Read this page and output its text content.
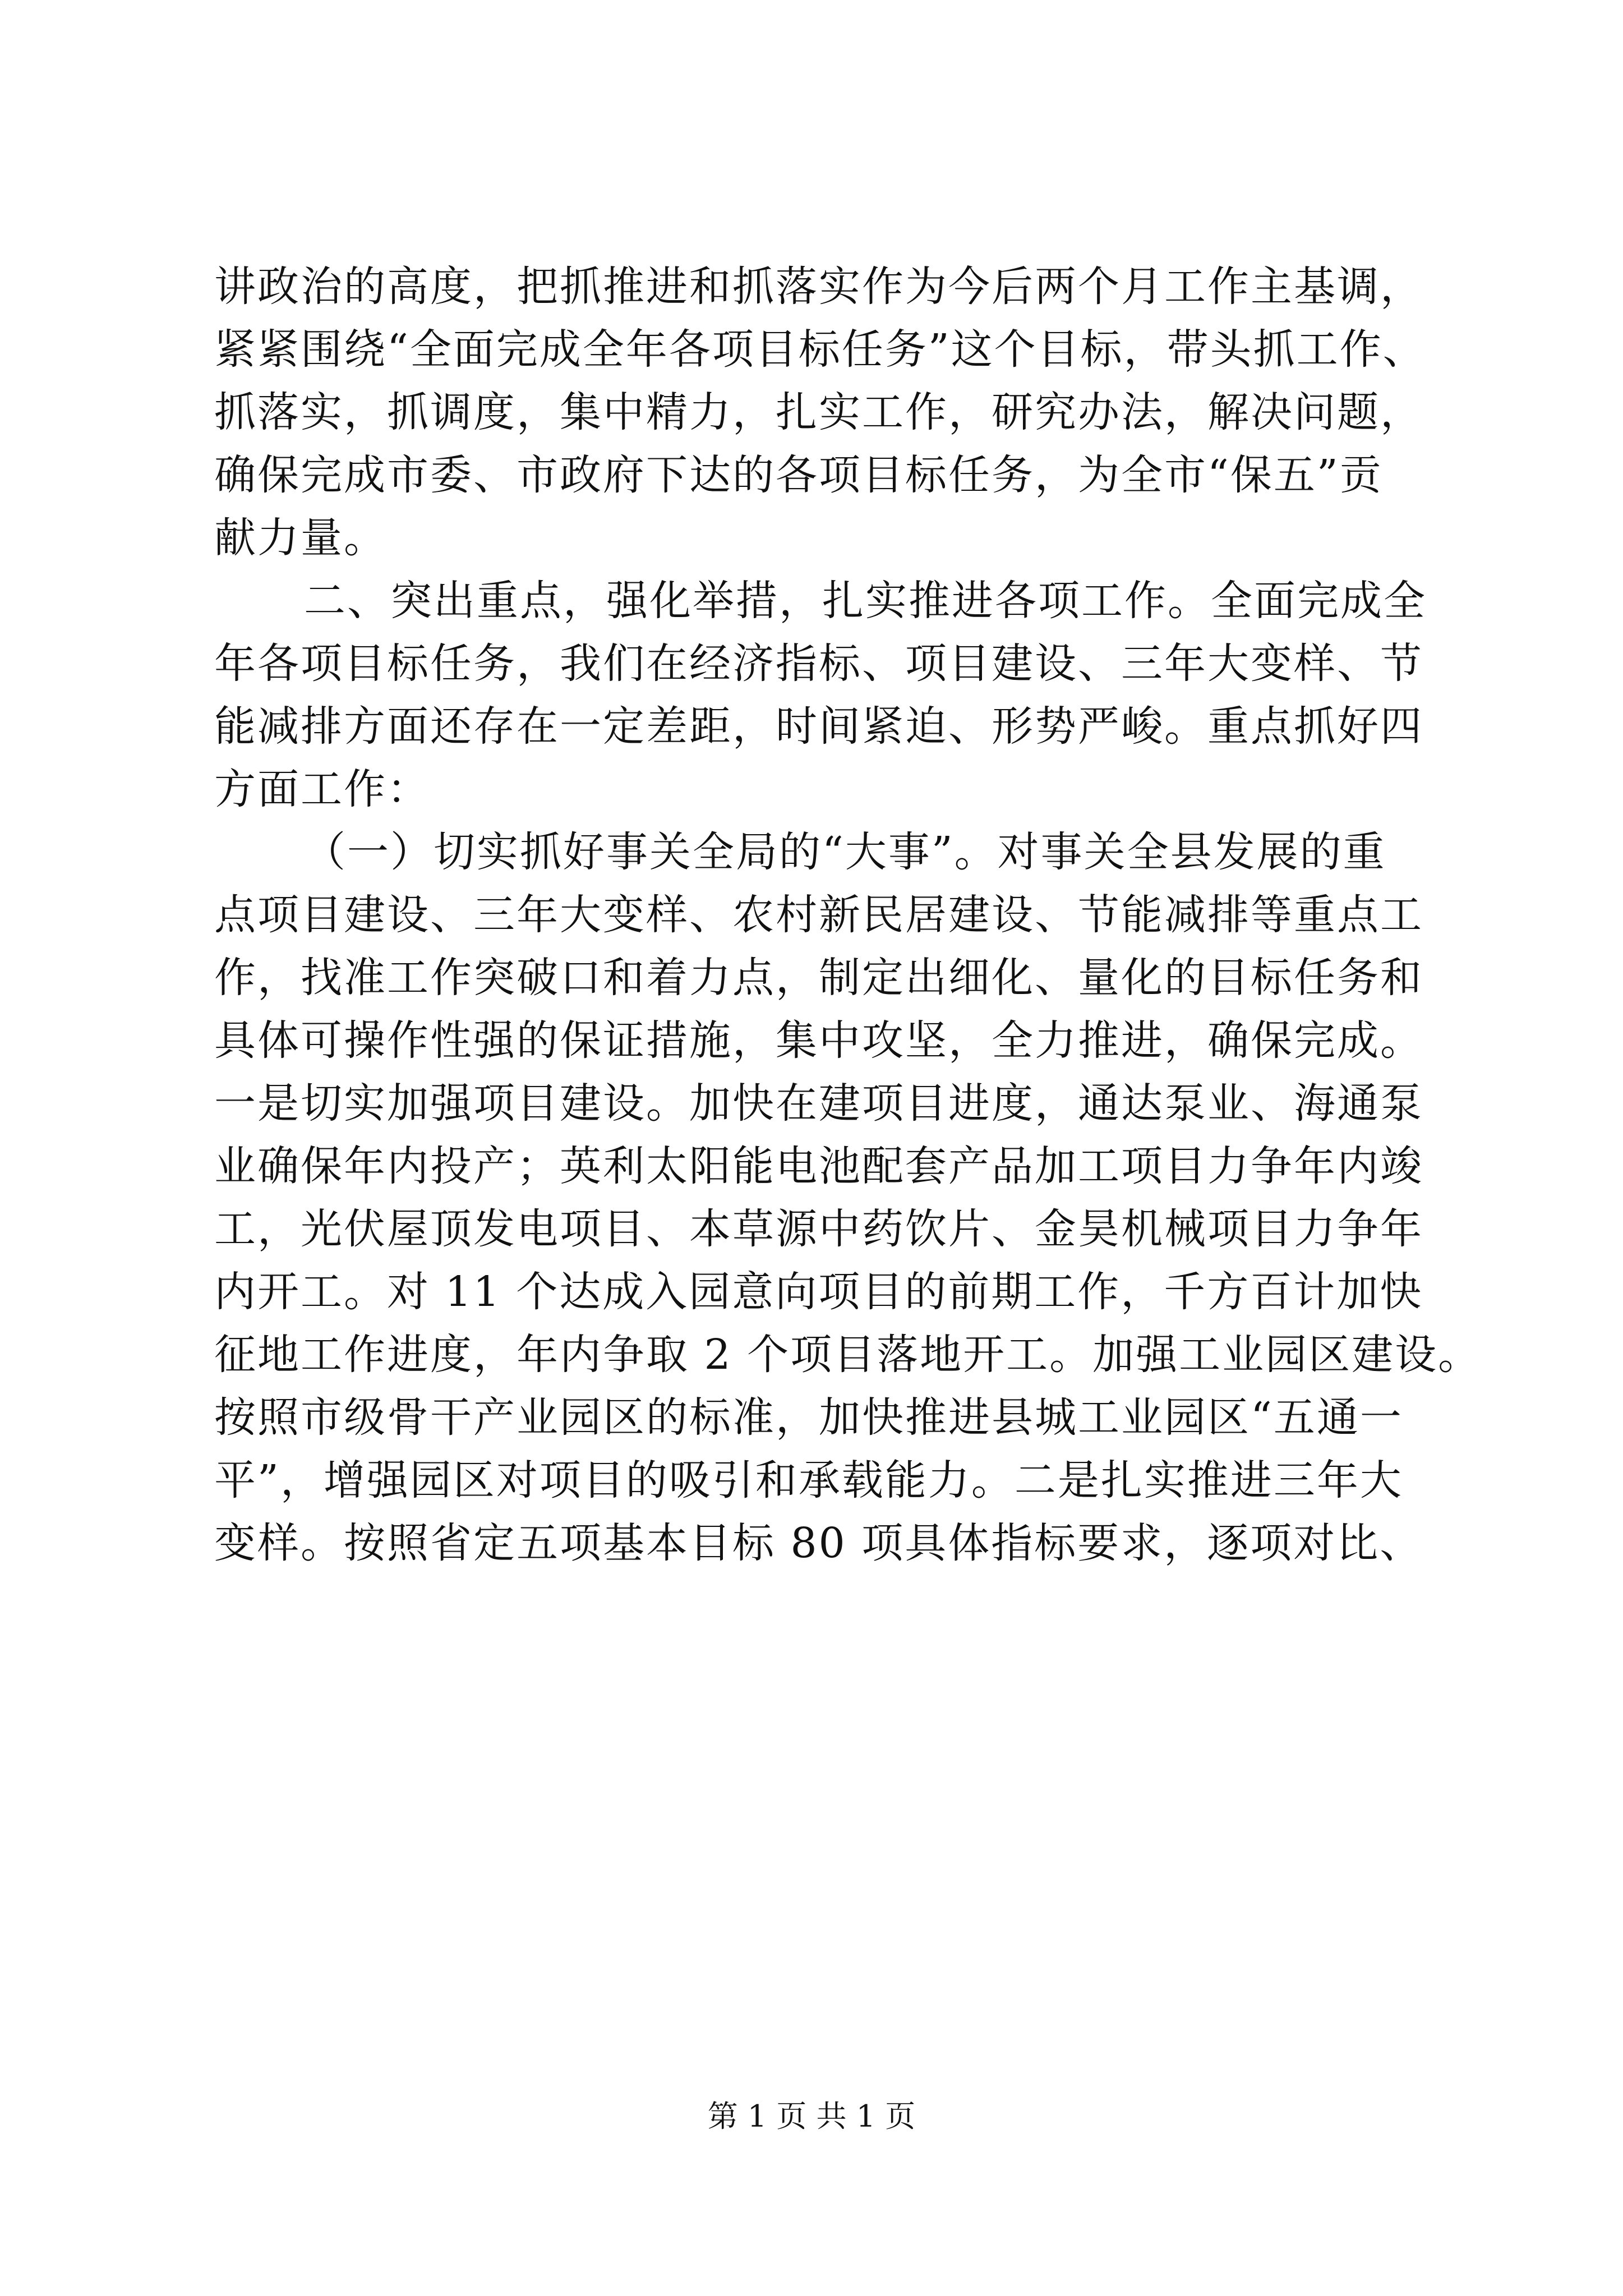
讲政治的高度，把抓推进和抓落实作为今后两个月工作主基调，
紧紧围绕“全面完成全年各项目标任务”这个目标，带头抓工作、
抓落实，抓调度，集中精力，扎实工作，研究办法，解决问题，
确保完成市委、市政府下达的各项目标任务，为全市“保五”贡
献力量。
二、突出重点，强化举措，扎实推进各项工作。全面完成全
年各项目标任务，我们在经济指标、项目建设、三年大变样、节
能减排方面还存在一定差距，时间紧迫、形势严峻。重点抓好四
方面工作：
（一）切实抓好事关全局的“大事”。对事关全县发展的重
点项目建设、三年大变样、农村新民居建设、节能减排等重点工
作，找准工作突破口和着力点，制定出细化、量化的目标任务和
具体可操作性强的保证措施，集中攻坚，全力推进，确保完成。
一是切实加强项目建设。加快在建项目进度，通达泵业、海通泵
业确保年内投产；英利太阳能电池配套产品加工项目力争年内竣
工，光伏屋顶发电项目、本草源中药饮片、金昊机械项目力争年
内开工。对 11 个达成入园意向项目的前期工作，千方百计加快
征地工作进度，年内争取 2 个项目落地开工。加强工业园区建设。
按照市级骨干产业园区的标准，加快推进县城工业园区“五通一
平”，增强园区对项目的吸引和承载能力。二是扎实推进三年大
变样。按照省定五项基本目标 80 项具体指标要求，逐项对比、
第 1 页 共 1 页
